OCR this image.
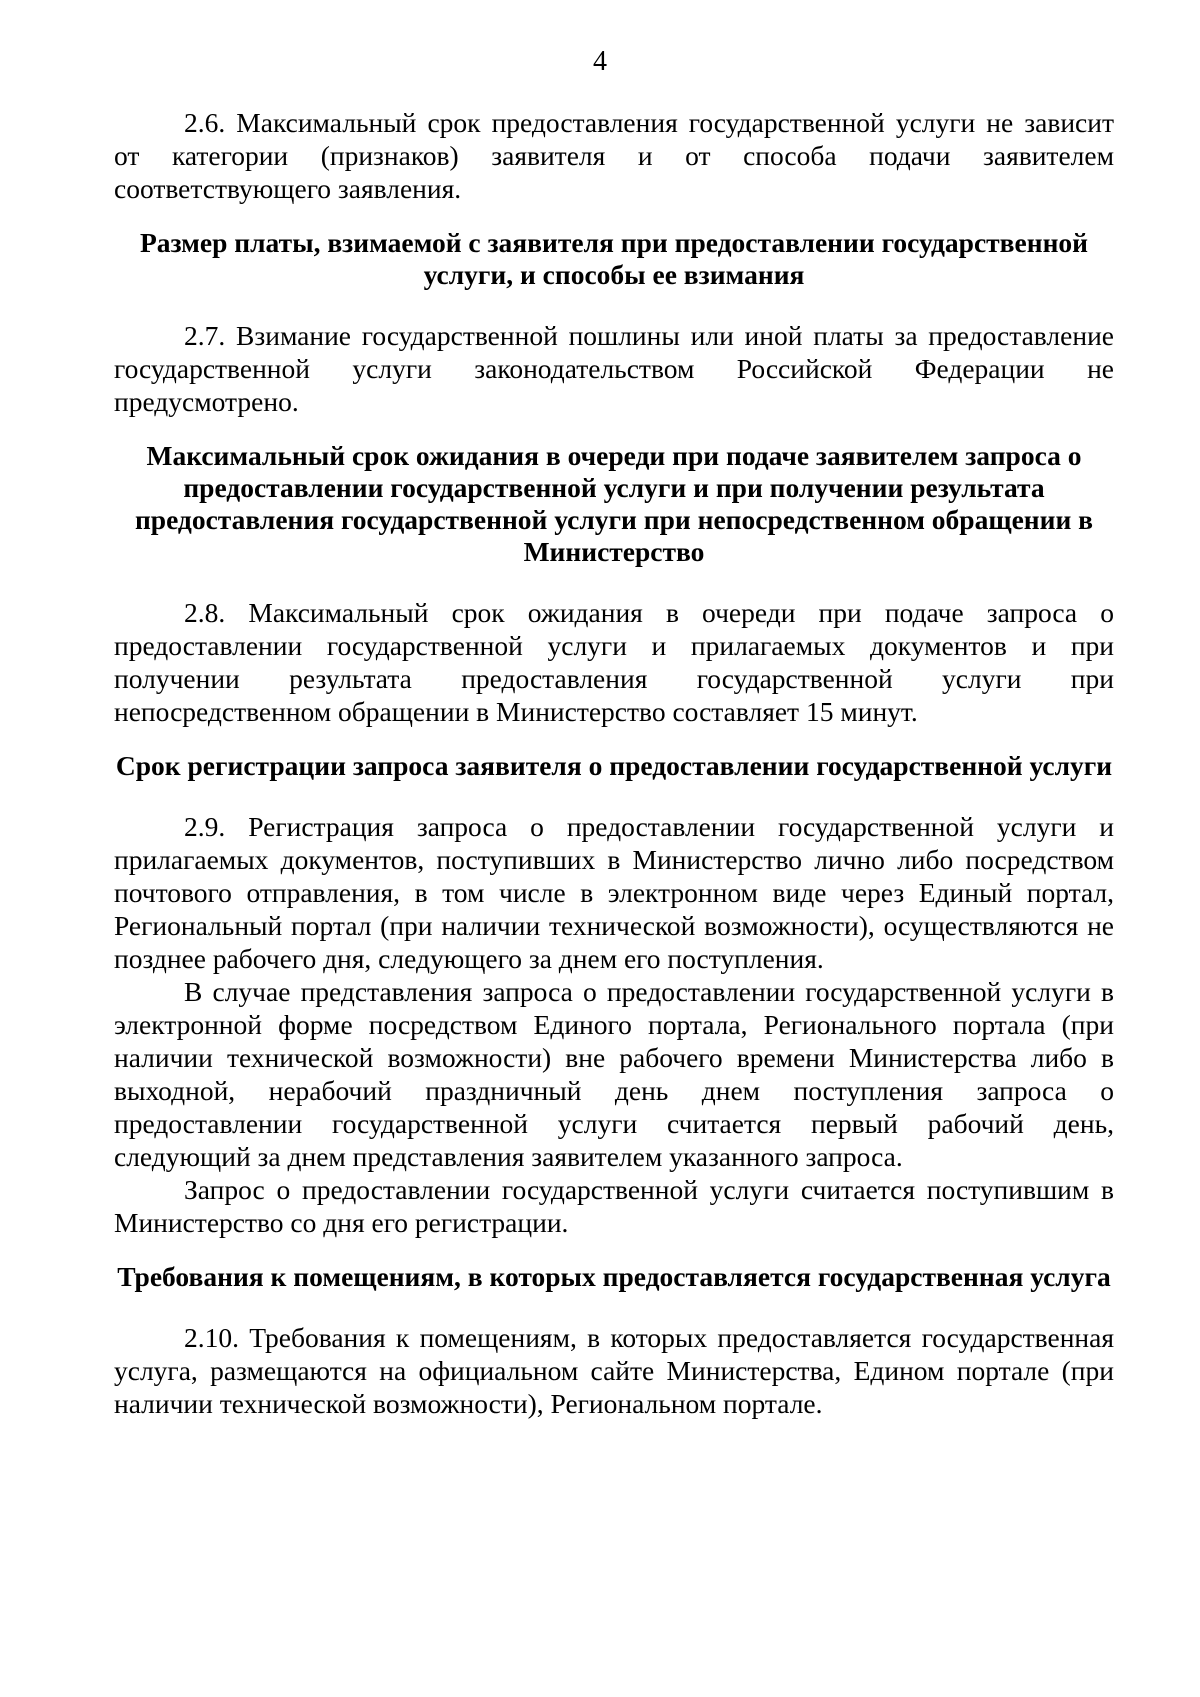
4

2.6. Максимальный срок предоставления государственной услуги не зависит от категории (признаков) заявителя и от способа подачи заявителем соответствующего заявления.

Размер платы, взимаемой с заявителя при предоставлении государственной услуги, и способы ее взимания

2.7. Взимание государственной пошлины или иной платы за предоставление государственной услуги законодательством Российской Федерации не предусмотрено.

Максимальный срок ожидания в очереди при подаче заявителем запроса о предоставлении государственной услуги и при получении результата предоставления государственной услуги при непосредственном обращении в Министерство

2.8. Максимальный срок ожидания в очереди при подаче запроса о предоставлении государственной услуги и прилагаемых документов и при получении результата предоставления государственной услуги при непосредственном обращении в Министерство составляет 15 минут.

Срок регистрации запроса заявителя о предоставлении государственной услуги

2.9. Регистрация запроса о предоставлении государственной услуги и прилагаемых документов, поступивших в Министерство лично либо посредством почтового отправления, в том числе в электронном виде через Единый портал, Региональный портал (при наличии технической возможности), осуществляются не позднее рабочего дня, следующего за днем его поступления.

В случае представления запроса о предоставлении государственной услуги в электронной форме посредством Единого портала, Регионального портала (при наличии технической возможности) вне рабочего времени Министерства либо в выходной, нерабочий праздничный день днем поступления запроса о предоставлении государственной услуги считается первый рабочий день, следующий за днем представления заявителем указанного запроса.

Запрос о предоставлении государственной услуги считается поступившим в Министерство со дня его регистрации.

Требования к помещениям, в которых предоставляется государственная услуга

2.10. Требования к помещениям, в которых предоставляется государственная услуга, размещаются на официальном сайте Министерства, Едином портале (при наличии технической возможности), Региональном портале.
